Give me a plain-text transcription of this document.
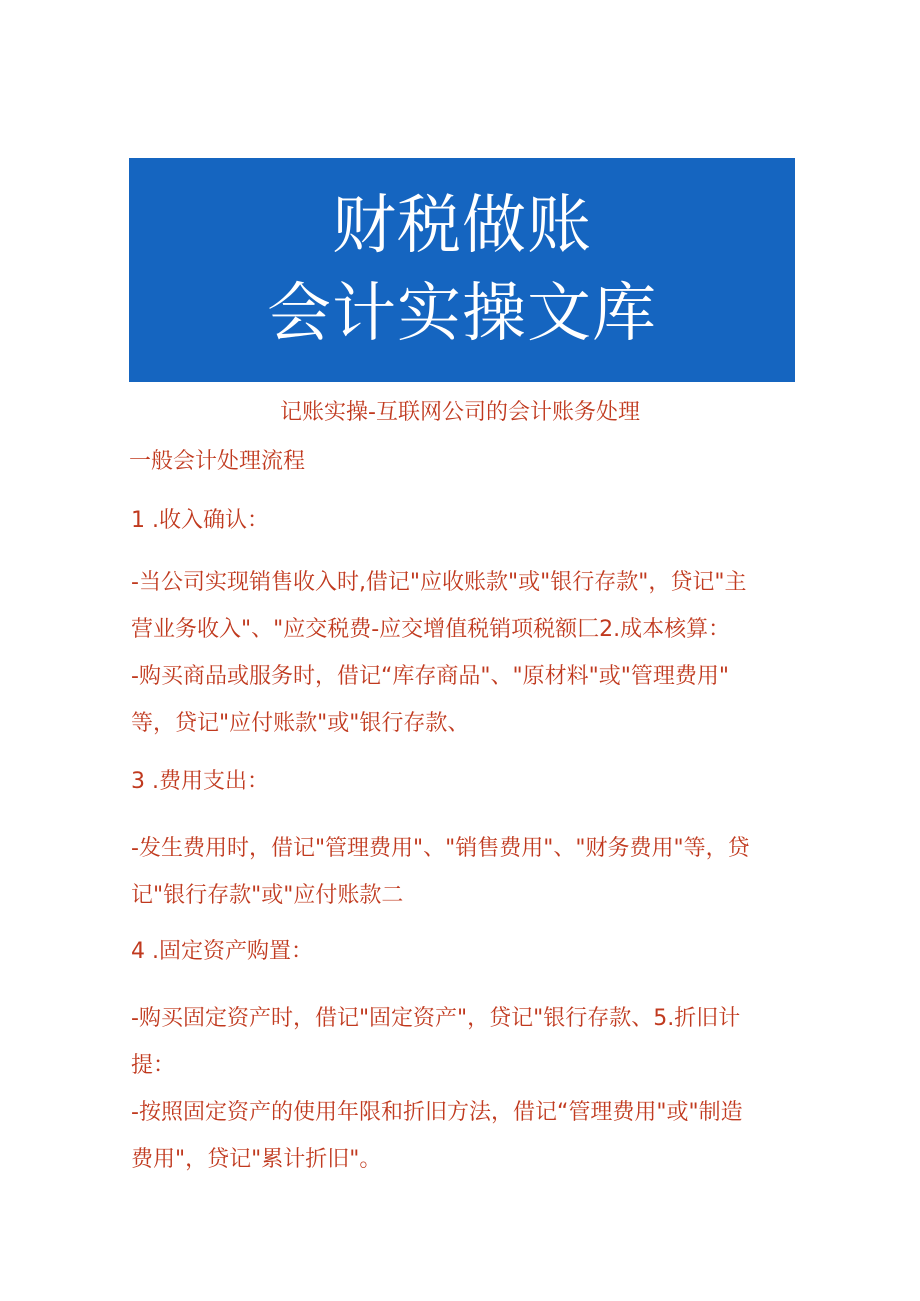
财税做账
会计实操文库
记账实操-互联网公司的会计账务处理
一般会计处理流程
1 .收入确认：
-当公司实现销售收入时,借记"应收账款"或"银行存款"，贷记"主
营业务收入"、"应交税费-应交增值税销项税额匚2.成本核算：
-购买商品或服务时，借记“库存商品"、"原材料"或"管理费用"
等，贷记"应付账款"或"银行存款、
3 .费用支出：
-发生费用时，借记"管理费用"、"销售费用"、"财务费用"等，贷
记"银行存款"或"应付账款二
4 .固定资产购置：
-购买固定资产时，借记"固定资产"，贷记"银行存款、5.折旧计
提：
-按照固定资产的使用年限和折旧方法，借记“管理费用"或"制造
费用"，贷记"累计折旧"。
